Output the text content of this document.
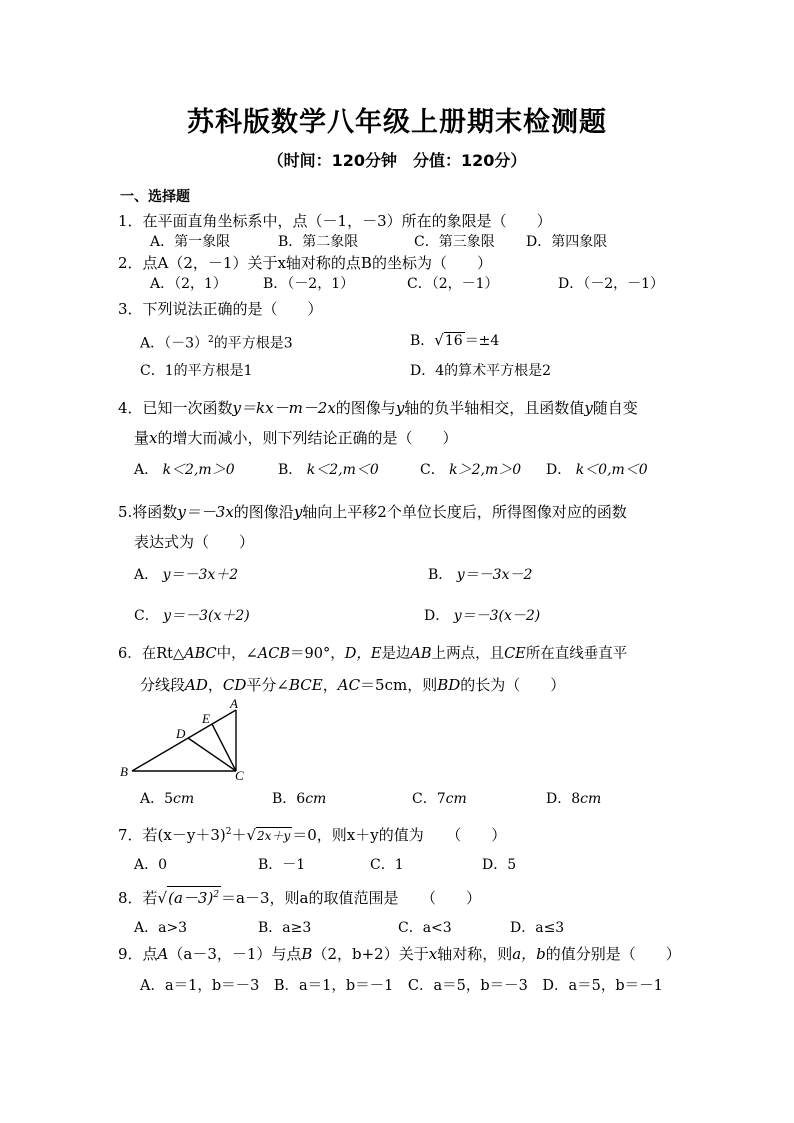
苏科版数学八年级上册期末检测题
（时间：120分钟　分值：120分）
一、选择题
1．在平面直角坐标系中，点（－1，－3）所在的象限是（　　）
A．第一象限	B．第二象限	C．第三象限 D．第四象限
2．点A（2，－1）关于x轴对称的点B的坐标为（　　）
A．（2，1）	B．（－2，1）	C．（2，－1）	D．（－2，－1）
3．下列说法正确的是（　　）
A．$(-3)^2$的平方根是3	B．√16 ＝±4
C．1的平方根是1	D．4的算术平方根是2
4．已知一次函数y＝kx－m－2x的图像与y轴的负半轴相交，且函数值y随自变
量x的增大而减小，则下列结论正确的是（　　）
A． k＜2,m＞0	B． k＜2,m＜0	C． k＞2,m＞0 D． k＜0,m＜0
5.将函数y＝－3x的图像沿y轴向上平移2个单位长度后，所得图像对应的函数
表达式为（　　）
A． y＝－3x＋2	B． y＝－3x－2
C． y＝－3(x＋2)	D． y＝－3(x－2)
6．在Rt△ABC中，∠ACB＝90°，D，E是边AB上两点，且CE所在直线垂直平
分线段AD，CD平分∠BCE，AC＝5cm，则BD的长为（　　）
A
B	C
D
E
A．5cm	B．6cm	C．7cm	D．8cm
7．若$(x-y+3)^2+√2x+y =0$，则x＋y的值为　　（　　）
A．0	B．－1	C．1	D．5
8．若$√(a-3)^2 =a-3$，则a的取值范围是　　（　　）
A．a>3	B．a≥3	C．a<3	D．a≤3
9．点A（a－3，－1）与点B（2，b+2）关于x轴对称，则a，b的值分别是（　　）
A．a＝1，b＝－3　B．a＝1，b＝－1　C．a＝5，b＝－3　D．a＝5，b＝－1
